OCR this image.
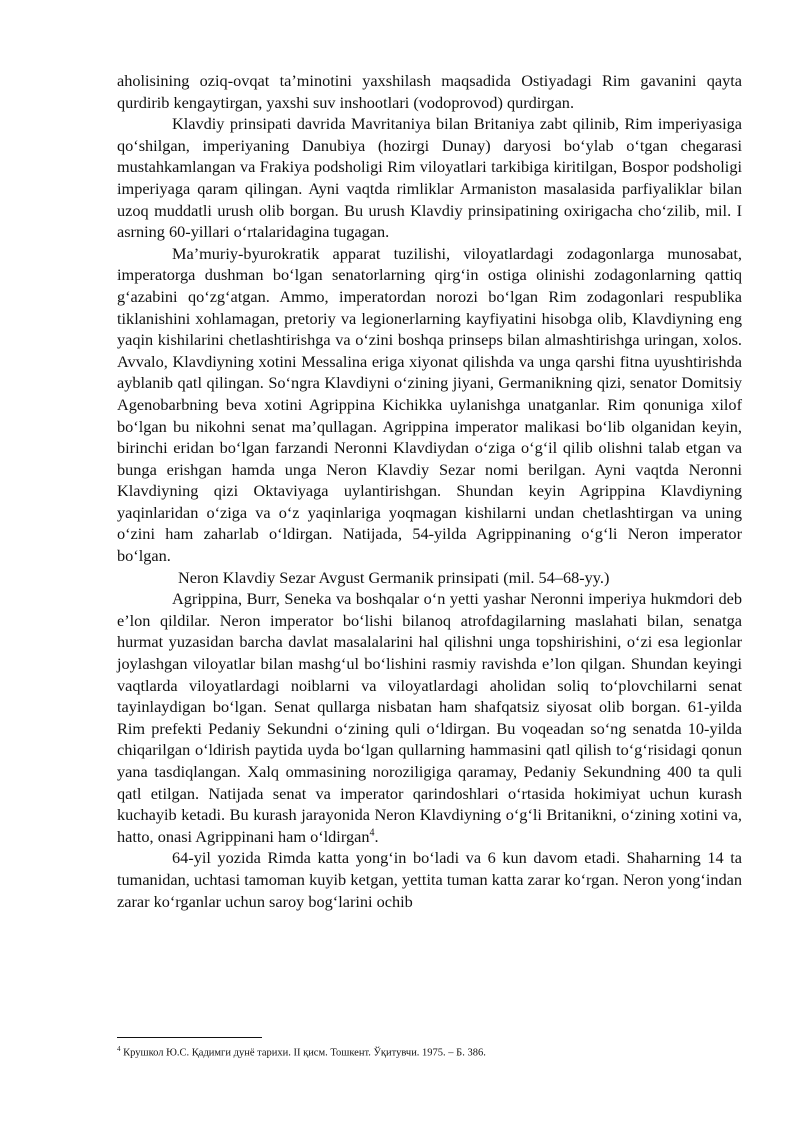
aholisining oziq-ovqat ta’minotini yaxshilash maqsadida Ostiyadagi Rim gavanini qayta qurdirib kengaytirgan, yaxshi suv inshootlari (vodoprovod) qurdirgan.

Klavdiy prinsipati davrida Mavritaniya bilan Britaniya zabt qilinib, Rim imperiyasiga qo‘shilgan, imperiyaning Danubiya (hozirgi Dunay) daryosi bo‘ylab o‘tgan chegarasi mustahkamlangan va Frakiya podsholigi Rim viloyatlari tarkibiga kiritilgan, Bospor podsholigi imperiyaga qaram qilingan. Ayni vaqtda rimliklar Armaniston masalasida parfiyaliklar bilan uzoq muddatli urush olib borgan. Bu urush Klavdiy prinsipatining oxirigacha cho‘zilib, mil. I asrning 60-yillari o‘rtalaridagina tugagan.

Ma’muriy-byurokratik apparat tuzilishi, viloyatlardagi zodagonlarga munosabat, imperatorga dushman bo‘lgan senatorlarning qirg‘in ostiga olinishi zodagonlarning qattiq g‘azabini qo‘zg‘atgan. Ammo, imperatordan norozi bo‘lgan Rim zodagonlari respublika tiklanishini xohlamagan, pretoriy va legionerlarning kayfiyatini hisobga olib, Klavdiyning eng yaqin kishilarini chetlashtirishga va o‘zini boshqa prinseps bilan almashtirishga uringan, xolos. Avvalo, Klavdiyning xotini Messalina eriga xiyonat qilishda va unga qarshi fitna uyushtirishda ayblanib qatl qilingan. So‘ngra Klavdiyni o‘zining jiyani, Germanikning qizi, senator Domitsiy Agenobarbning beva xotini Agrippina Kichikka uylanishga unatganlar. Rim qonuniga xilof bo‘lgan bu nikohni senat ma’qullagan. Agrippina imperator malikasi bo‘lib olganidan keyin, birinchi eridan bo‘lgan farzandi Neronni Klavdiydan o‘ziga o‘g‘il qilib olishni talab etgan va bunga erishgan hamda unga Neron Klavdiy Sezar nomi berilgan. Ayni vaqtda Neronni Klavdiyning qizi Oktaviyaga uylantirishgan. Shundan keyin Agrippina Klavdiyning yaqinlaridan o‘ziga va o‘z yaqinlariga yoqmagan kishilarni undan chetlashtirgan va uning o‘zini ham zaharlab o‘ldirgan. Natijada, 54-yilda Agrippinaning o‘g‘li Neron imperator bo‘lgan.

Neron Klavdiy Sezar Avgust Germanik prinsipati (mil. 54–68-yy.)

Agrippina, Burr, Seneka va boshqalar o‘n yetti yashar Neronni imperiya hukmdori deb e’lon qildilar. Neron imperator bo‘lishi bilanoq atrofdagilarning maslahati bilan, senatga hurmat yuzasidan barcha davlat masalalarini hal qilishni unga topshirishini, o‘zi esa legionlar joylashgan viloyatlar bilan mashg‘ul bo‘lishini rasmiy ravishda e’lon qilgan. Shundan keyingi vaqtlarda viloyatlardagi noiblarni va viloyatlardagi aholidan soliq to‘plovchilarni senat tayinlaydigan bo‘lgan. Senat qullarga nisbatan ham shafqatsiz siyosat olib borgan. 61-yilda Rim prefekti Pedaniy Sekundni o‘zining quli o‘ldirgan. Bu voqeadan so‘ng senatda 10-yilda chiqarilgan o‘ldirish paytida uyda bo‘lgan qullarning hammasini qatl qilish to‘g‘risidagi qonun yana tasdiqlangan. Xalq ommasining noroziligiga qaramay, Pedaniy Sekundning 400 ta quli qatl etilgan. Natijada senat va imperator qarindoshlari o‘rtasida hokimiyat uchun kurash kuchayib ketadi. Bu kurash jarayonida Neron Klavdiyning o‘g‘li Britanikni, o‘zining xotini va, hatto, onasi Agrippinani ham o‘ldirgan$^4$.

64-yil yozida Rimda katta yong‘in bo‘ladi va 6 kun davom etadi. Shaharning 14 ta tumanidan, uchtasi tamoman kuyib ketgan, yettita tuman katta zarar ko‘rgan. Neron yong‘indan zarar ko‘rganlar uchun saroy bog‘larini ochib

$^4$ Крушкол Ю.С. Қадимги дунё тарихи. II қисм. Тошкент. Ўқитувчи. 1975. – Б. 386.
